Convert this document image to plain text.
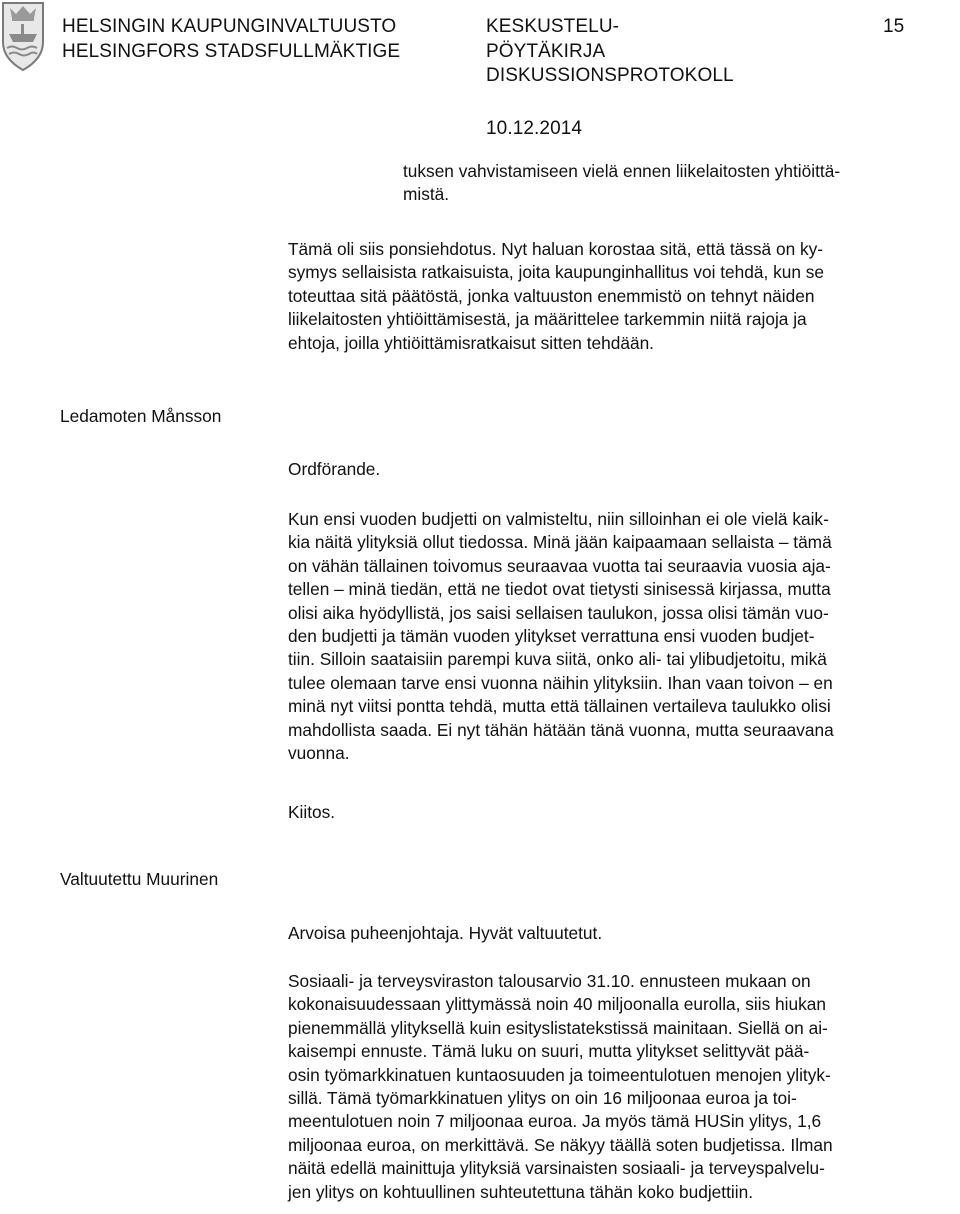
HELSINGIN KAUPUNGINVALTUUSTO
HELSINGFORS STADSFULLMÄKTIGE
KESKUSTELU-
PÖYTÄKIRJA
DISKUSSIONSPROTOKOLL
15
10.12.2014
tuksen vahvistamiseen vielä ennen liikelaitosten yhtiöittä-
mistä.
Tämä oli siis ponsiehdotus. Nyt haluan korostaa sitä, että tässä on ky-
symys sellaisista ratkaisuista, joita kaupunginhallitus voi tehdä, kun se
toteuttaa sitä päätöstä, jonka valtuuston enemmistö on tehnyt näiden
liikelaitosten yhtiöittämisestä, ja määrittelee tarkemmin niitä rajoja ja
ehtoja, joilla yhtiöittämisratkaisut sitten tehdään.
Ledamoten Månsson
Ordförande.
Kun ensi vuoden budjetti on valmisteltu, niin silloinhan ei ole vielä kaik-
kia näitä ylityksiä ollut tiedossa. Minä jään kaipaamaan sellaista – tämä
on vähän tällainen toivomus seuraavaa vuotta tai seuraavia vuosia aja-
tellen – minä tiedän, että ne tiedot ovat tietysti sinisessä kirjassa, mutta
olisi aika hyödyllistä, jos saisi sellaisen taulukon, jossa olisi tämän vuo-
den budjetti ja tämän vuoden ylitykset verrattuna ensi vuoden budjet-
tiin. Silloin saataisiin parempi kuva siitä, onko ali- tai ylibudjetoitu, mikä
tulee olemaan tarve ensi vuonna näihin ylityksiin. Ihan vaan toivon – en
minä nyt viitsi pontta tehdä, mutta että tällainen vertaileva taulukko olisi
mahdollista saada. Ei nyt tähän hätään tänä vuonna, mutta seuraavana
vuonna.
Kiitos.
Valtuutettu Muurinen
Arvoisa puheenjohtaja. Hyvät valtuutetut.
Sosiaali- ja terveysviraston talousarvio 31.10. ennusteen mukaan on
kokonaisuudessaan ylittymässä noin 40 miljoonalla eurolla, siis hiukan
pienemmällä ylityksellä kuin esityslistatekstissä mainitaan. Siellä on ai-
kaisempi ennuste. Tämä luku on suuri, mutta ylitykset selittyvät pää-
osin työmarkkinatuen kuntaosuuden ja toimeentulotuen menojen ylityk-
sillä. Tämä työmarkkinatuen ylitys on oin 16 miljoonaa euroa ja toi-
meentulotuen noin 7 miljoonaa euroa. Ja myös tämä HUSin ylitys, 1,6
miljoonaa euroa, on merkittävä. Se näkyy täällä soten budjetissa. Ilman
näitä edellä mainittuja ylityksiä varsinaisten sosiaali- ja terveyspalvelu-
jen ylitys on kohtuullinen suhteutettuna tähän koko budjettiin.
